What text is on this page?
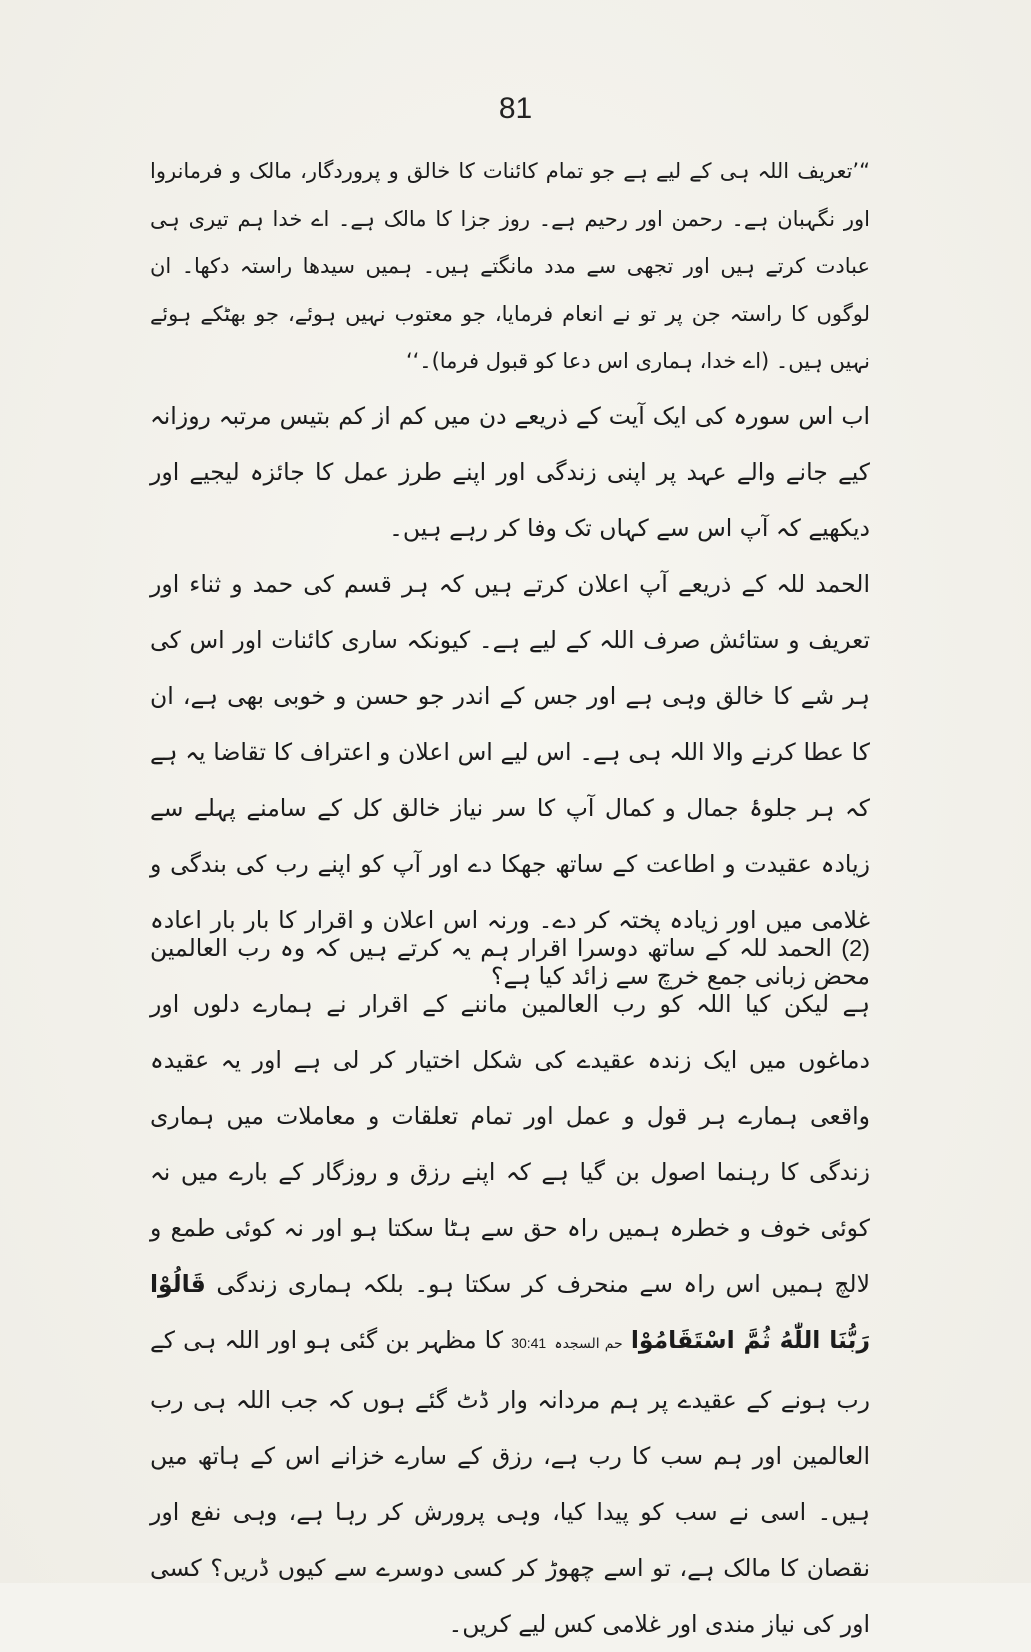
81
“’تعریف اللہ ہی کے لیے ہے جو تمام کائنات کا خالق و پروردگار، مالک و فرمانروا اور نگہبان ہے۔ رحمن اور رحیم ہے۔ روز جزا کا مالک ہے۔ اے خدا ہم تیری ہی عبادت کرتے ہیں اور تجھی سے مدد مانگتے ہیں۔ ہمیں سیدھا راستہ دکھا۔ ان لوگوں کا راستہ جن پر تو نے انعام فرمایا، جو معتوب نہیں ہوئے، جو بھٹکے ہوئے نہیں ہیں۔ (اے خدا، ہماری اس دعا کو قبول فرما)۔‘‘
اب اس سورہ کی ایک آیت کے ذریعے دن میں کم از کم بتیس مرتبہ روزانہ کیے جانے والے عہد پر اپنی زندگی اور اپنے طرز عمل کا جائزہ لیجیے اور دیکھیے کہ آپ اس سے کہاں تک وفا کر رہے ہیں۔
الحمد للہ کے ذریعے آپ اعلان کرتے ہیں کہ ہر قسم کی حمد و ثناء اور تعریف و ستائش صرف اللہ کے لیے ہے۔ کیونکہ ساری کائنات اور اس کی ہر شے کا خالق وہی ہے اور جس کے اندر جو حسن و خوبی بھی ہے، ان کا عطا کرنے والا اللہ ہی ہے۔ اس لیے اس اعلان و اعتراف کا تقاضا یہ ہے کہ ہر جلوۂ جمال و کمال آپ کا سر نیاز خالق کل کے سامنے پہلے سے زیادہ عقیدت و اطاعت کے ساتھ جھکا دے اور آپ کو اپنے رب کی بندگی و غلامی میں اور زیادہ پختہ کر دے۔ ورنہ اس اعلان و اقرار کا بار بار اعادہ محض زبانی جمع خرچ سے زائد کیا ہے؟
(2) الحمد للہ کے ساتھ دوسرا اقرار ہم یہ کرتے ہیں کہ وہ رب العالمین ہے لیکن کیا اللہ کو رب العالمین ماننے کے اقرار نے ہمارے دلوں اور دماغوں میں ایک زندہ عقیدے کی شکل اختیار کر لی ہے اور یہ عقیدہ واقعی ہمارے ہر قول و عمل اور تمام تعلقات و معاملات میں ہماری زندگی کا رہنما اصول بن گیا ہے کہ اپنے رزق و روزگار کے بارے میں نہ کوئی خوف و خطرہ ہمیں راہ حق سے ہٹا سکتا ہو اور نہ کوئی طمع و لالچ ہمیں اس راہ سے منحرف کر سکتا ہو۔ بلکہ ہماری زندگی قَالُوْا رَبُّنَا اللّٰهُ ثُمَّ اسْتَقَامُوْا حم السجدہ 30:41 کا مظہر بن گئی ہو اور اللہ ہی کے رب ہونے کے عقیدے پر ہم مردانہ وار ڈٹ گئے ہوں کہ جب اللہ ہی رب العالمین اور ہم سب کا رب ہے، رزق کے سارے خزانے اس کے ہاتھ میں ہیں۔ اسی نے سب کو پیدا کیا، وہی پرورش کر رہا ہے، وہی نفع اور نقصان کا مالک ہے، تو اسے چھوڑ کر کسی دوسرے سے کیوں ڈریں؟ کسی اور کی نیاز مندی اور غلامی کس لیے کریں۔
